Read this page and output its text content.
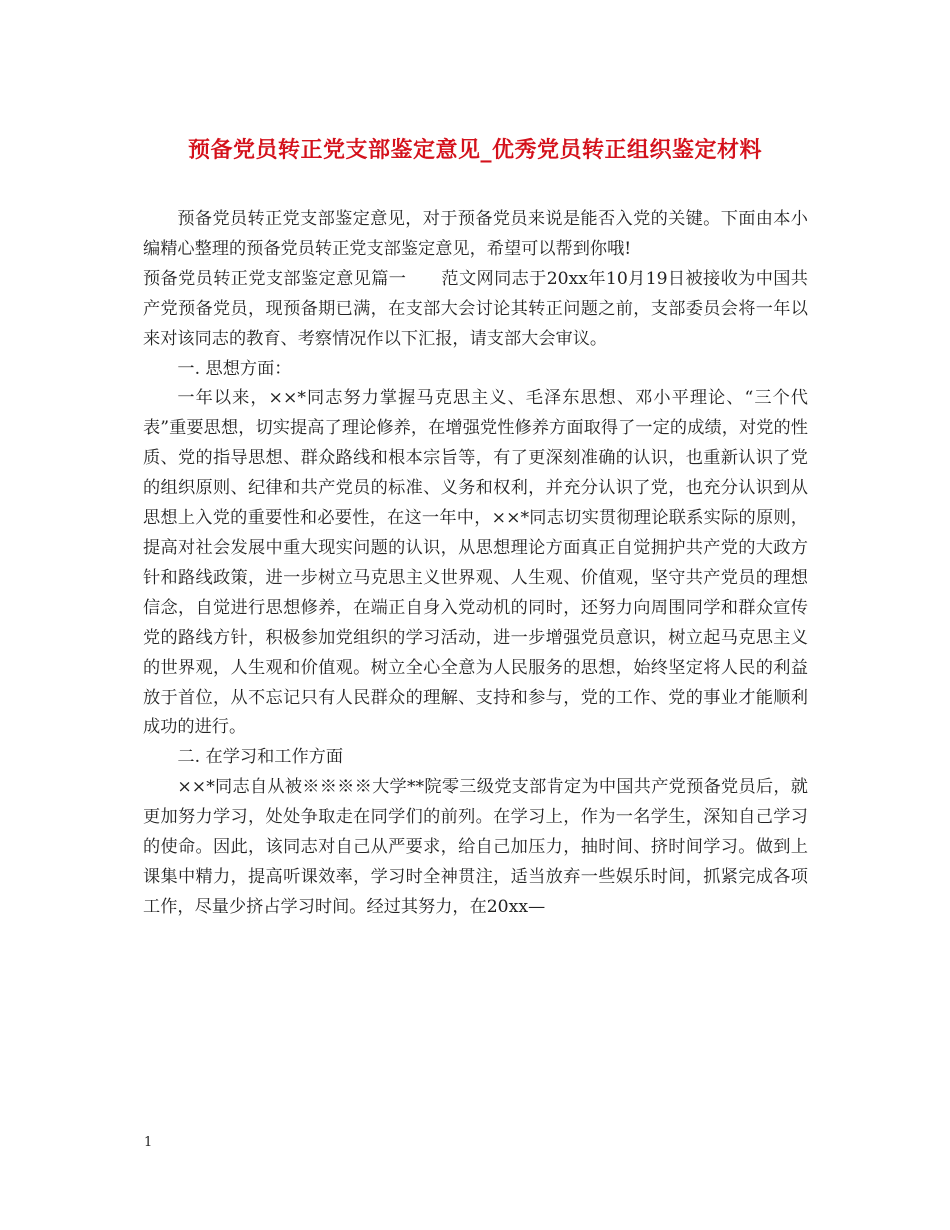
预备党员转正党支部鉴定意见_优秀党员转正组织鉴定材料

预备党员转正党支部鉴定意见，对于预备党员来说是能否入党的关键。下面由本小编精心整理的预备党员转正党支部鉴定意见，希望可以帮到你哦!

预备党员转正党支部鉴定意见篇一　　范文网同志于20xx年10月19日被接收为中国共产党预备党员，现预备期已满，在支部大会讨论其转正问题之前，支部委员会将一年以来对该同志的教育、考察情况作以下汇报，请支部大会审议。

一. 思想方面：

一年以来，××*同志努力掌握马克思主义、毛泽东思想、邓小平理论、“三个代表”重要思想，切实提高了理论修养，在增强党性修养方面取得了一定的成绩，对党的性质、党的指导思想、群众路线和根本宗旨等，有了更深刻准确的认识，也重新认识了党的组织原则、纪律和共产党员的标准、义务和权利，并充分认识了党，也充分认识到从思想上入党的重要性和必要性，在这一年中，××*同志切实贯彻理论联系实际的原则，提高对社会发展中重大现实问题的认识，从思想理论方面真正自觉拥护共产党的大政方针和路线政策，进一步树立马克思主义世界观、人生观、价值观，坚守共产党员的理想信念，自觉进行思想修养，在端正自身入党动机的同时，还努力向周围同学和群众宣传党的路线方针，积极参加党组织的学习活动，进一步增强党员意识，树立起马克思主义的世界观，人生观和价值观。树立全心全意为人民服务的思想，始终坚定将人民的利益放于首位，从不忘记只有人民群众的理解、支持和参与，党的工作、党的事业才能顺利成功的进行。

二. 在学习和工作方面

××*同志自从被※※※※大学**院零三级党支部肯定为中国共产党预备党员后，就更加努力学习，处处争取走在同学们的前列。在学习上，作为一名学生，深知自己学习的使命。因此，该同志对自己从严要求，给自己加压力，抽时间、挤时间学习。做到上课集中精力，提高听课效率，学习时全神贯注，适当放弃一些娱乐时间，抓紧完成各项工作，尽量少挤占学习时间。经过其努力，在20xx—

1
